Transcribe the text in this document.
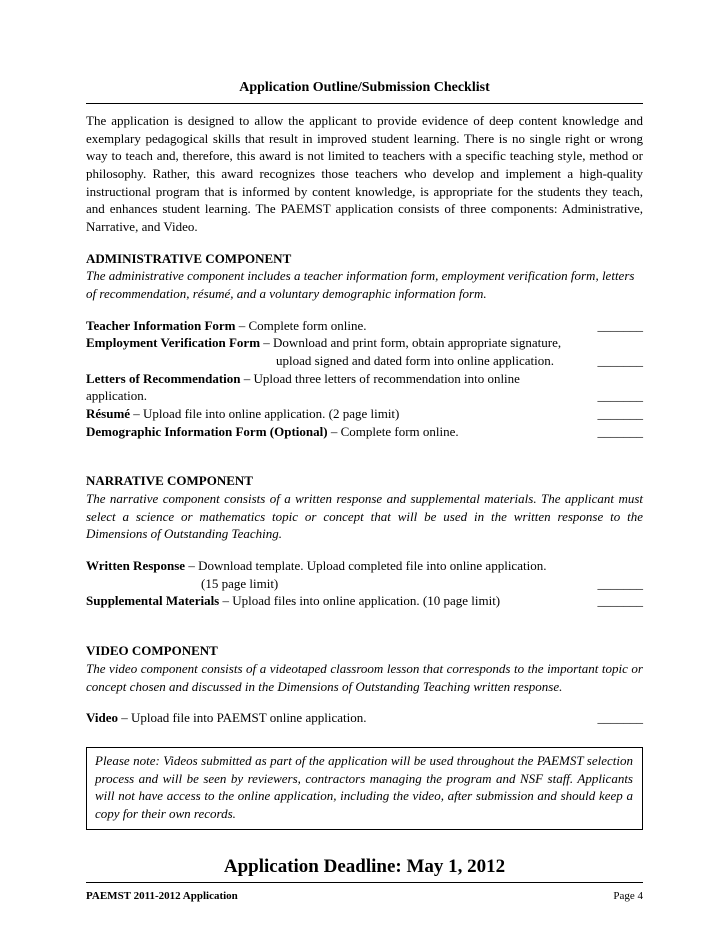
Application Outline/Submission Checklist

The application is designed to allow the applicant to provide evidence of deep content knowledge and exemplary pedagogical skills that result in improved student learning. There is no single right or wrong way to teach and, therefore, this award is not limited to teachers with a specific teaching style, method or philosophy. Rather, this award recognizes those teachers who develop and implement a high-quality instructional program that is informed by content knowledge, is appropriate for the students they teach, and enhances student learning. The PAEMST application consists of three components: Administrative, Narrative, and Video.

ADMINISTRATIVE COMPONENT

The administrative component includes a teacher information form, employment verification form, letters of recommendation, résumé, and a voluntary demographic information form.

Teacher Information Form – Complete form online.	_______
Employment Verification Form – Download and print form, obtain appropriate signature,
upload signed and dated form into online application.	_______
Letters of Recommendation – Upload three letters of recommendation into online application.	_______
Résumé – Upload file into online application. (2 page limit)	_______
Demographic Information Form (Optional) – Complete form online.	_______

NARRATIVE COMPONENT

The narrative component consists of a written response and supplemental materials. The applicant must select a science or mathematics topic or concept that will be used in the written response to the Dimensions of Outstanding Teaching.

Written Response – Download template. Upload completed file into online application.
(15 page limit)	_______
Supplemental Materials – Upload files into online application. (10 page limit)	_______

VIDEO COMPONENT

The video component consists of a videotaped classroom lesson that corresponds to the important topic or concept chosen and discussed in the Dimensions of Outstanding Teaching written response.

Video – Upload file into PAEMST online application.	_______
Please note: Videos submitted as part of the application will be used throughout the PAEMST selection process and will be seen by reviewers, contractors managing the program and NSF staff. Applicants will not have access to the online application, including the video, after submission and should keep a copy for their own records.
Application Deadline: May 1, 2012
PAEMST 2011-2012 Application	Page 4
